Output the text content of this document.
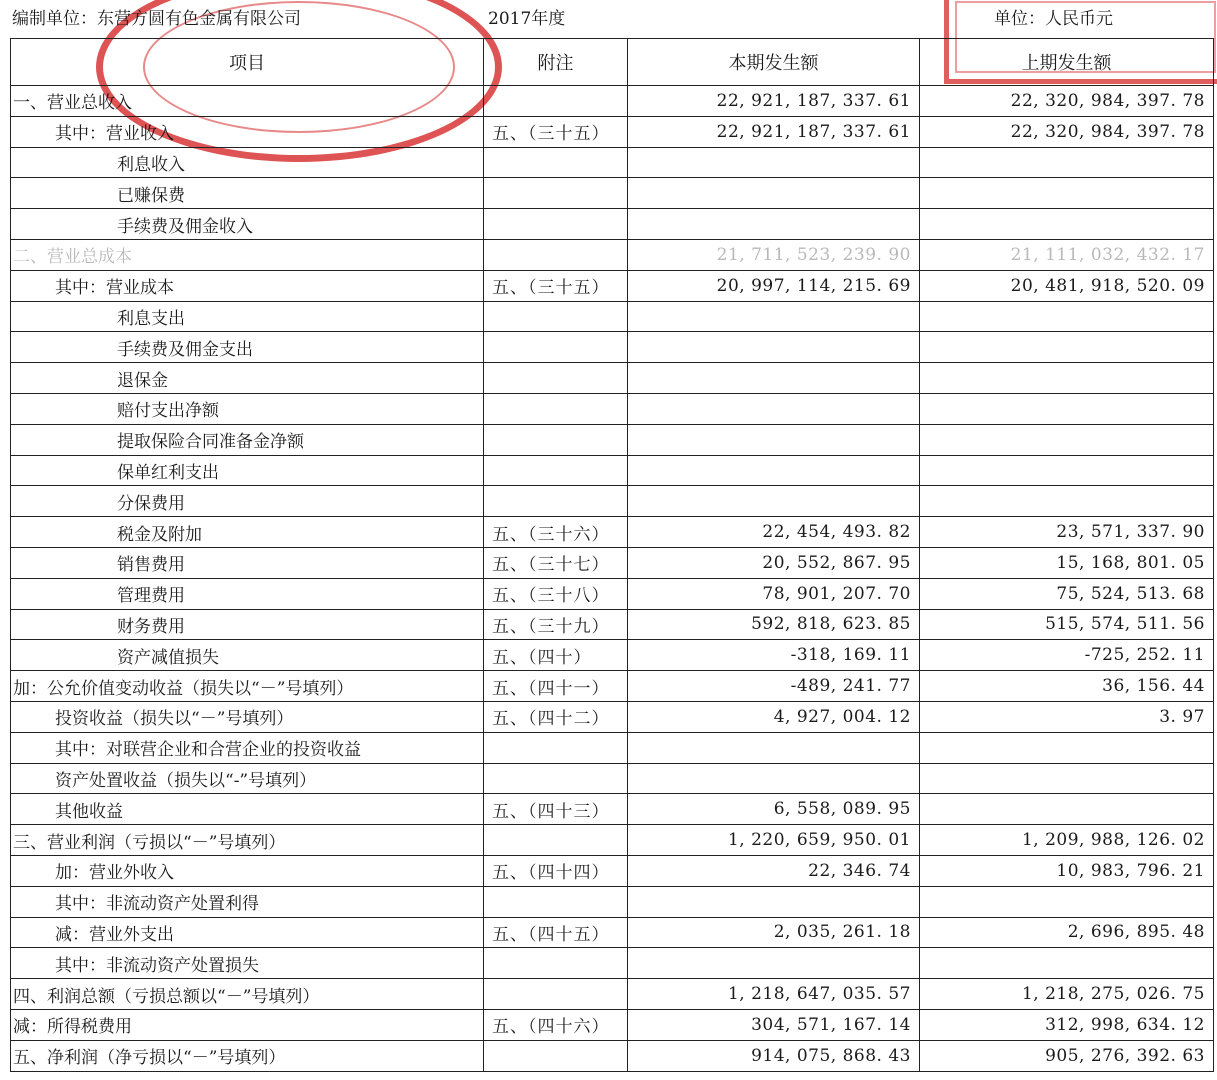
编制单位：东营方圆有色金属有限公司	2017年度	单位：人民币元
项目	附注	本期发生额	上期发生额
一、营业总收入		22, 921, 187, 337. 61	22, 320, 984, 397. 78
其中：营业收入	五、（三十五）	22, 921, 187, 337. 61	22, 320, 984, 397. 78
利息收入			
已赚保费			
手续费及佣金收入			
二、营业总成本		21, 711, 523, 239. 90	21, 111, 032, 432. 17
其中：营业成本	五、（三十五）	20, 997, 114, 215. 69	20, 481, 918, 520. 09
利息支出			
手续费及佣金支出			
退保金			
赔付支出净额			
提取保险合同准备金净额			
保单红利支出			
分保费用			
税金及附加	五、（三十六）	22, 454, 493. 82	23, 571, 337. 90
销售费用	五、（三十七）	20, 552, 867. 95	15, 168, 801. 05
管理费用	五、（三十八）	78, 901, 207. 70	75, 524, 513. 68
财务费用	五、（三十九）	592, 818, 623. 85	515, 574, 511. 56
资产减值损失	五、（四十）	-318, 169. 11	-725, 252. 11
加：公允价值变动收益（损失以“－”号填列）	五、（四十一）	-489, 241. 77	36, 156. 44
投资收益（损失以“－”号填列）	五、（四十二）	4, 927, 004. 12	3. 97
其中：对联营企业和合营企业的投资收益			
资产处置收益（损失以“-”号填列）			
其他收益	五、（四十三）	6, 558, 089. 95	
三、营业利润（亏损以“－”号填列）		1, 220, 659, 950. 01	1, 209, 988, 126. 02
加：营业外收入	五、（四十四）	22, 346. 74	10, 983, 796. 21
其中：非流动资产处置利得			
减：营业外支出	五、（四十五）	2, 035, 261. 18	2, 696, 895. 48
其中：非流动资产处置损失			
四、利润总额（亏损总额以“－”号填列）		1, 218, 647, 035. 57	1, 218, 275, 026. 75
减：所得税费用	五、（四十六）	304, 571, 167. 14	312, 998, 634. 12
五、净利润（净亏损以“－”号填列）		914, 075, 868. 43	905, 276, 392. 63
